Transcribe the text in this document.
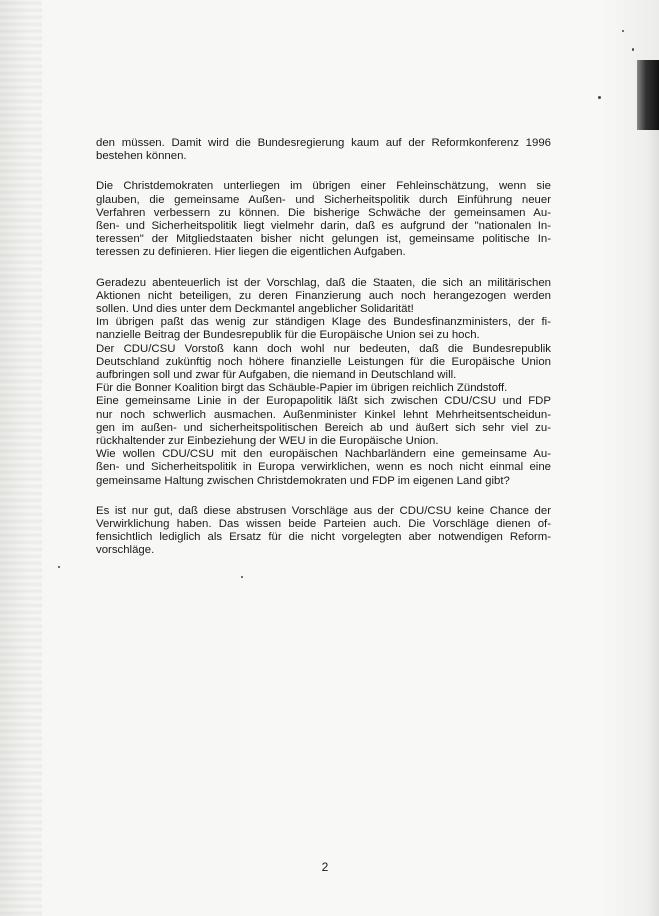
den müssen. Damit wird die Bundesregierung kaum auf der Reformkonferenz 1996
bestehen können.

Die Christdemokraten unterliegen im übrigen einer Fehleinschätzung, wenn sie
glauben, die gemeinsame Außen- und Sicherheitspolitik durch Einführung neuer
Verfahren verbessern zu können. Die bisherige Schwäche der gemeinsamen Au-
ßen- und Sicherheitspolitik liegt vielmehr darin, daß es aufgrund der "nationalen In-
teressen" der Mitgliedstaaten bisher nicht gelungen ist, gemeinsame politische In-
teressen zu definieren. Hier liegen die eigentlichen Aufgaben.

Geradezu abenteuerlich ist der Vorschlag, daß die Staaten, die sich an militärischen
Aktionen nicht beteiligen, zu deren Finanzierung auch noch herangezogen werden
sollen. Und dies unter dem Deckmantel angeblicher Solidarität!
Im übrigen paßt das wenig zur ständigen Klage des Bundesfinanzministers, der fi-
nanzielle Beitrag der Bundesrepublik für die Europäische Union sei zu hoch.
Der CDU/CSU Vorstoß kann doch wohl nur bedeuten, daß die Bundesrepublik
Deutschland zukünftig noch höhere finanzielle Leistungen für die Europäische Union
aufbringen soll und zwar für Aufgaben, die niemand in Deutschland will.
Für die Bonner Koalition birgt das Schäuble-Papier im übrigen reichlich Zündstoff.
Eine gemeinsame Linie in der Europapolitik läßt sich zwischen CDU/CSU und FDP
nur noch schwerlich ausmachen. Außenminister Kinkel lehnt Mehrheitsentscheidun-
gen im außen- und sicherheitspolitischen Bereich ab und äußert sich sehr viel zu-
rückhaltender zur Einbeziehung der WEU in die Europäische Union.
Wie wollen CDU/CSU mit den europäischen Nachbarländern eine gemeinsame Au-
ßen- und Sicherheitspolitik in Europa verwirklichen, wenn es noch nicht einmal eine
gemeinsame Haltung zwischen Christdemokraten und FDP im eigenen Land gibt?

Es ist nur gut, daß diese abstrusen Vorschläge aus der CDU/CSU keine Chance der
Verwirklichung haben. Das wissen beide Parteien auch. Die Vorschläge dienen of-
fensichtlich lediglich als Ersatz für die nicht vorgelegten aber notwendigen Reform-
vorschläge.

2
